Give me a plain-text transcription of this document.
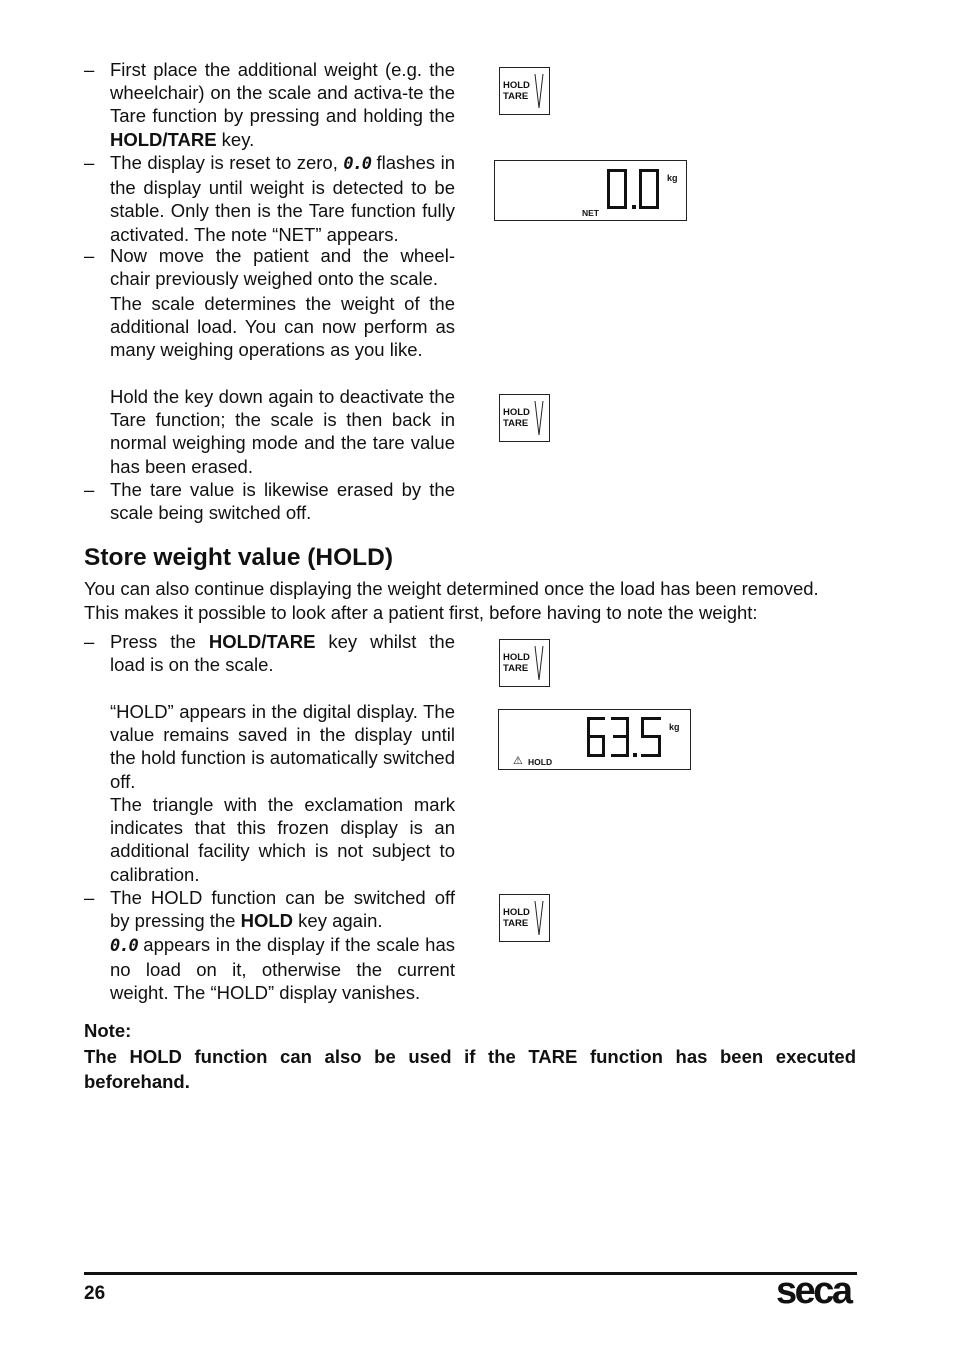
– First place the additional weight (e.g. the wheelchair) on the scale and activa-te the Tare function by pressing and holding the HOLD/TARE key.
– The display is reset to zero, 0.0 flashes in the display until weight is detected to be stable. Only then is the Tare function fully activated. The note “NET” appears.
– Now move the patient and the wheel-chair previously weighed onto the scale.
The scale determines the weight of the additional load. You can now perform as many weighing operations as you like.
Hold the key down again to deactivate the Tare function; the scale is then back in normal weighing mode and the tare value has been erased.
– The tare value is likewise erased by the scale being switched off.
HOLD
TARE
kg
NET
HOLD
TARE
Store weight value (HOLD)
You can also continue displaying the weight determined once the load has been removed.
This makes it possible to look after a patient first, before having to note the weight:
– Press the HOLD/TARE key whilst the load is on the scale.
“HOLD” appears in the digital display. The value remains saved in the display until the hold function is automatically switched off.
The triangle with the exclamation mark indicates that this frozen display is an additional facility which is not subject to calibration.
– The HOLD function can be switched off by pressing the HOLD key again.
0.0 appears in the display if the scale has no load on it, otherwise the current weight. The “HOLD” display vanishes.
HOLD
TARE
kg
⚠ HOLD
HOLD
TARE
Note:
The HOLD function can also be used if the TARE function has been executed beforehand.
26	seca
